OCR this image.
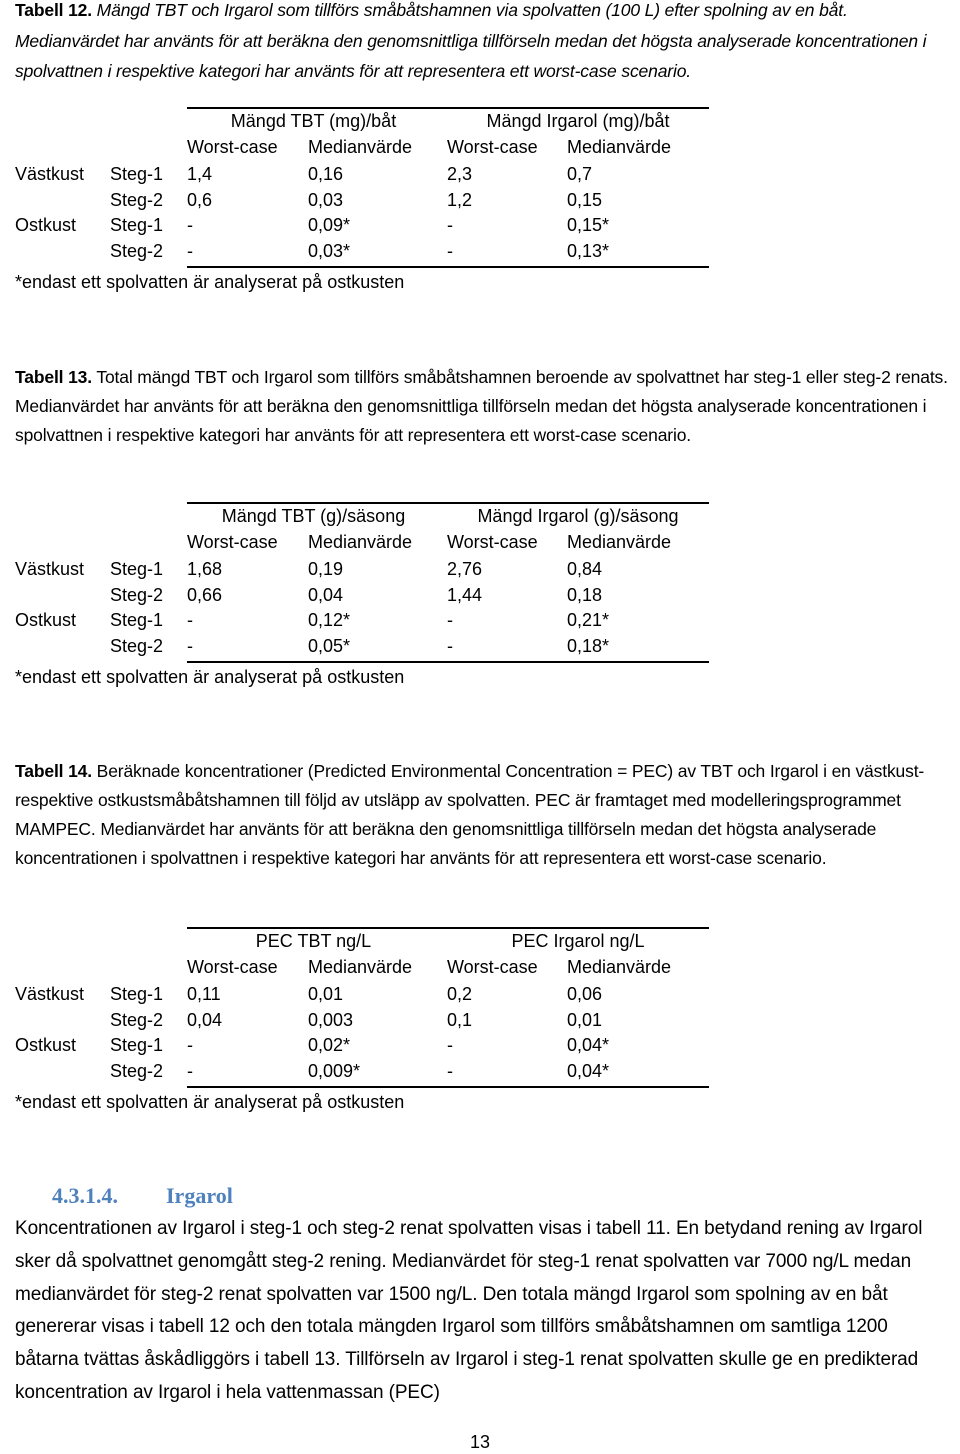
Tabell 12. Mängd TBT och Irgarol som tillförs småbåtshamnen via spolvatten (100 L) efter spolning av en båt. Medianvärdet har använts för att beräkna den genomsnittliga tillförseln medan det högsta analyserade koncentrationen i spolvattnen i respektive kategori har använts för att representera ett worst-case scenario.
Mängd TBT (mg)/båt	Mängd Irgarol (mg)/båt
Worst-case Medianvärde Worst-case Medianvärde
Västkust Steg-1 1,4	0,16	2,3	0,7
Steg-2 0,6	0,03	1,2	0,15
Ostkust Steg-1 -	0,09*	-	0,15*
Steg-2 -	0,03*	-	0,13*
*endast ett spolvatten är analyserat på ostkusten
Tabell 13. Total mängd TBT och Irgarol som tillförs småbåtshamnen beroende av spolvattnet har steg-1 eller steg-2 renats. Medianvärdet har använts för att beräkna den genomsnittliga tillförseln medan det högsta analyserade koncentrationen i spolvattnen i respektive kategori har använts för att representera ett worst-case scenario.
Mängd TBT (g)/säsong	Mängd Irgarol (g)/säsong
Worst-case Medianvärde Worst-case Medianvärde
Västkust Steg-1 1,68	0,19	2,76	0,84
Steg-2 0,66	0,04	1,44	0,18
Ostkust Steg-1 -	0,12*	-	0,21*
Steg-2 -	0,05*	-	0,18*
*endast ett spolvatten är analyserat på ostkusten
Tabell 14. Beräknade koncentrationer (Predicted Environmental Concentration = PEC) av TBT och Irgarol i en västkust- respektive ostkustsmåbåtshamnen till följd av utsläpp av spolvatten. PEC är framtaget med modelleringsprogrammet MAMPEC. Medianvärdet har använts för att beräkna den genomsnittliga tillförseln medan det högsta analyserade koncentrationen i spolvattnen i respektive kategori har använts för att representera ett worst-case scenario.
PEC TBT ng/L	PEC Irgarol ng/L
Worst-case Medianvärde Worst-case Medianvärde
Västkust Steg-1 0,11	0,01	0,2	0,06
Steg-2 0,04	0,003	0,1	0,01
Ostkust Steg-1 -	0,02*	-	0,04*
Steg-2 -	0,009*	-	0,04*
*endast ett spolvatten är analyserat på ostkusten
4.3.1.4. Irgarol
Koncentrationen av Irgarol i steg-1 och steg-2 renat spolvatten visas i tabell 11. En betydand rening av Irgarol sker då spolvattnet genomgått steg-2 rening. Medianvärdet för steg-1 renat spolvatten var 7000 ng/L medan medianvärdet för steg-2 renat spolvatten var 1500 ng/L. Den totala mängd Irgarol som spolning av en båt genererar visas i tabell 12 och den totala mängden Irgarol som tillförs småbåtshamnen om samtliga 1200 båtarna tvättas åskådliggörs i tabell 13. Tillförseln av Irgarol i steg-1 renat spolvatten skulle ge en predikterad koncentration av Irgarol i hela vattenmassan (PEC)
13
